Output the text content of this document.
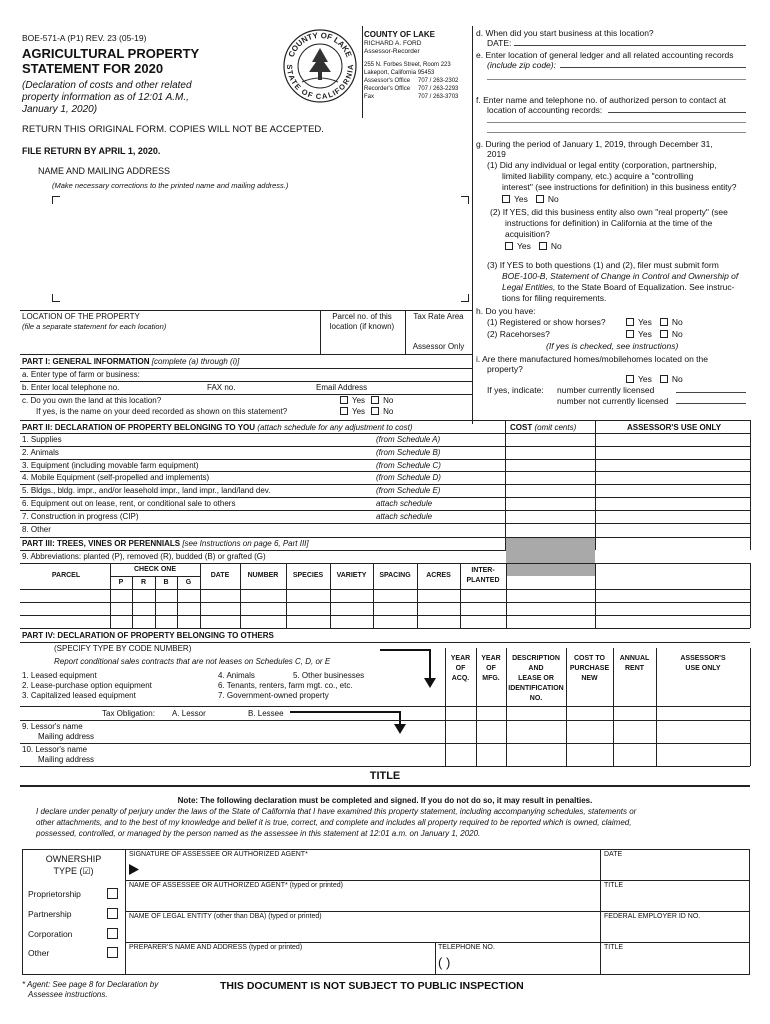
BOE-571-A (P1) REV. 23 (05-19)
AGRICULTURAL PROPERTY
STATEMENT FOR 2020
(Declaration of costs and other related
property information as of 12:01 A.M.,
January 1, 2020)
COUNTY OF LAKE
STATE OF CALIFORNIA
COUNTY OF LAKE
RICHARD A. FORD
Assessor-Recorder
255 N. Forbes Street, Room 223
Lakeport, California 95453
Assessor's Office 707 / 263-2302
Recorder's Office 707 / 263-2293
Fax	707 / 263-3703
RETURN THIS ORIGINAL FORM. COPIES WILL NOT BE ACCEPTED.
FILE RETURN BY APRIL 1, 2020.
NAME AND MAILING ADDRESS
(Make necessary corrections to the printed name and mailing address.)
LOCATION OF THE PROPERTY
(file a separate statement for each location)
Parcel no. of this
location (if known)
Tax Rate Area
Assessor Only
d. When did you start business at this location?
DATE:
e. Enter location of general ledger and all related accounting records
(include zip code):
f. Enter name and telephone no. of authorized person to contact at
location of accounting records:
g. During the period of January 1, 2019, through December 31,
2019
(1) Did any individual or legal entity (corporation, partnership,
limited liability company, etc.) acquire a "controlling
interest" (see instructions for definition) in this business entity?
Yes No
(2) If YES, did this business entity also own "real property" (see
instructions for definition) in California at the time of the
acquisition?
Yes No
(3) If YES to both questions (1) and (2), filer must submit form
BOE-100-B, Statement of Change in Control and Ownership of
Legal Entities, to the State Board of Equalization. See instruc-
tions for filing requirements.
h. Do you have:
(1) Registered or show horses?	Yes No
(2) Racehorses?	Yes No
(If yes is checked, see instructions)
i. Are there manufactured homes/mobilehomes located on the
property?
Yes No
If yes, indicate: number currently licensed
number not currently licensed
PART I: GENERAL INFORMATION [complete (a) through (i)]
a. Enter type of farm or business:
b. Enter local telephone no.	FAX no.	Email Address
c. Do you own the land at this location?	Yes No
If yes, is the name on your deed recorded as shown on this statement?	Yes No
PART II: DECLARATION OF PROPERTY BELONGING TO YOU (attach schedule for any adjustment to cost)	COST (omit cents)	ASSESSOR'S USE ONLY
1. Supplies	(from Schedule A)
2. Animals	(from Schedule B)
3. Equipment (including movable farm equipment)	(from Schedule C)
4. Mobile Equipment (self-propelled and implements)	(from Schedule D)
5. Bldgs., bldg. impr., and/or leasehold impr., land impr., land/land dev.	(from Schedule E)
6. Equipment out on lease, rent, or conditional sale to others	attach schedule
7. Construction in progress (CIP)	attach schedule
8. Other
PART III: TREES, VINES OR PERENNIALS [see Instructions on page 6, Part III]
9. Abbreviations: planted (P), removed (R), budded (B) or grafted (G)
PARCEL
CHECK ONE
P	R	B	G
DATE	NUMBER	SPECIES	VARIETY	SPACING	ACRES
INTER-
PLANTED
PART IV: DECLARATION OF PROPERTY BELONGING TO OTHERS
(SPECIFY TYPE BY CODE NUMBER)
Report conditional sales contracts that are not leases on Schedules C, D, or E
1. Leased equipment
2. Lease-purchase option equipment
3. Capitalized leased equipment
4. Animals	5. Other businesses
6. Tenants, renters, farm mgt. co., etc.
7. Government-owned property
YEAR
OF
ACQ.
YEAR
OF
MFG.
DESCRIPTION
AND
LEASE OR
IDENTIFICATION
NO.
COST TO
PURCHASE
NEW
ANNUAL
RENT
ASSESSOR'S
USE ONLY
Tax Obligation: A. Lessor	B. Lessee
9. Lessor's name
Mailing address
10. Lessor's name
Mailing address
TITLE
Note: The following declaration must be completed and signed. If you do not do so, it may result in penalties.
I declare under penalty of perjury under the laws of the State of California that I have examined this property statement, including accompanying schedules, statements or
other attachments, and to the best of my knowledge and belief it is true, correct, and complete and includes all property required to be reported which is owned, claimed,
possessed, controlled, or managed by the person named as the assessee in this statement at 12:01 a.m. on January 1, 2020.
OWNERSHIP
TYPE (☑)
Proprietorship
Partnership
Corporation
Other
SIGNATURE OF ASSESSEE OR AUTHORIZED AGENT*	DATE
NAME OF ASSESSEE OR AUTHORIZED AGENT* (typed or printed)	TITLE
NAME OF LEGAL ENTITY (other than DBA) (typed or printed)	FEDERAL EMPLOYER ID NO.
PREPARER'S NAME AND ADDRESS (typed or printed)	TELEPHONE NO.
( )
TITLE
* Agent: See page 8 for Declaration by
Assessee instructions.
THIS DOCUMENT IS NOT SUBJECT TO PUBLIC INSPECTION
